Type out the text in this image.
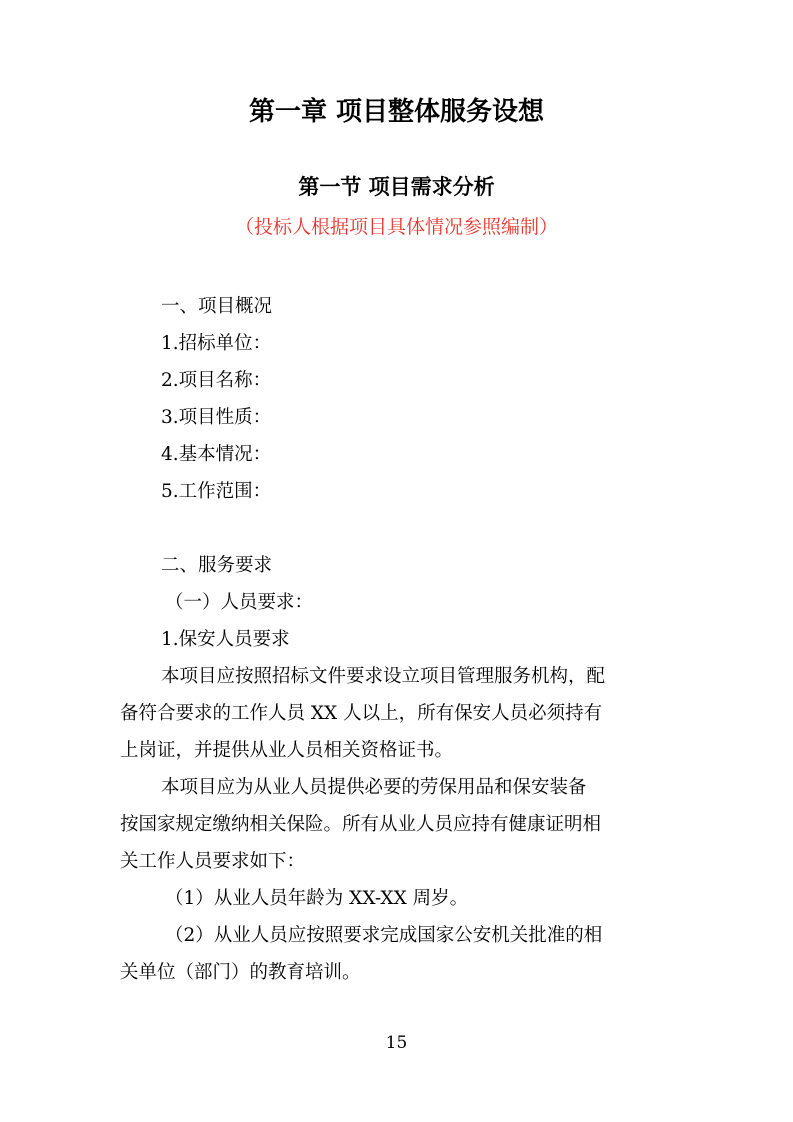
第一章 项目整体服务设想
第一节 项目需求分析
（投标人根据项目具体情况参照编制）
一、项目概况
1.招标单位：
2.项目名称：
3.项目性质：
4.基本情况：
5.工作范围：
二、服务要求
（一）人员要求：
1.保安人员要求
本项目应按照招标文件要求设立项目管理服务机构，配
备符合要求的工作人员 XX 人以上，所有保安人员必须持有
上岗证，并提供从业人员相关资格证书。
本项目应为从业人员提供必要的劳保用品和保安装备
按国家规定缴纳相关保险。所有从业人员应持有健康证明相
关工作人员要求如下：
（1）从业人员年龄为 XX-XX 周岁。
（2）从业人员应按照要求完成国家公安机关批准的相
关单位（部门）的教育培训。
15
